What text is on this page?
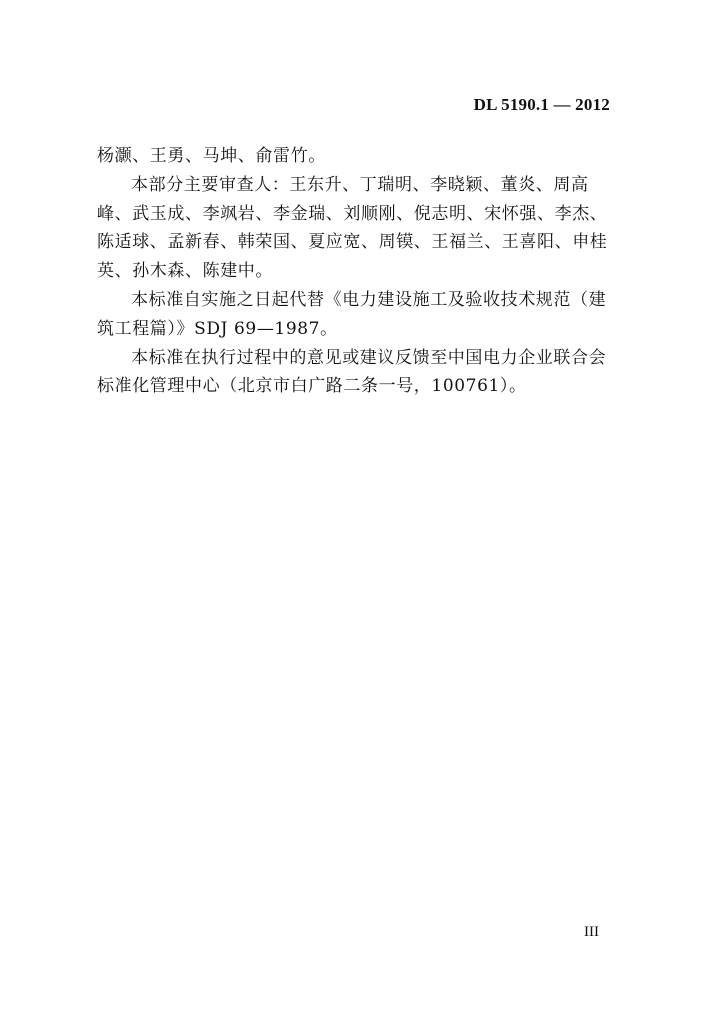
DL 5190.1 — 2012

杨灏、王勇、马坤、俞雷竹。

本部分主要审查人：王东升、丁瑞明、李晓颖、董炎、周高峰、武玉成、李飒岩、李金瑞、刘顺刚、倪志明、宋怀强、李杰、陈适球、孟新春、韩荣国、夏应宽、周镆、王福兰、王喜阳、申桂英、孙木森、陈建中。

本标准自实施之日起代替《电力建设施工及验收技术规范（建筑工程篇）》SDJ 69—1987。

本标准在执行过程中的意见或建议反馈至中国电力企业联合会标准化管理中心（北京市白广路二条一号，100761）。

III
